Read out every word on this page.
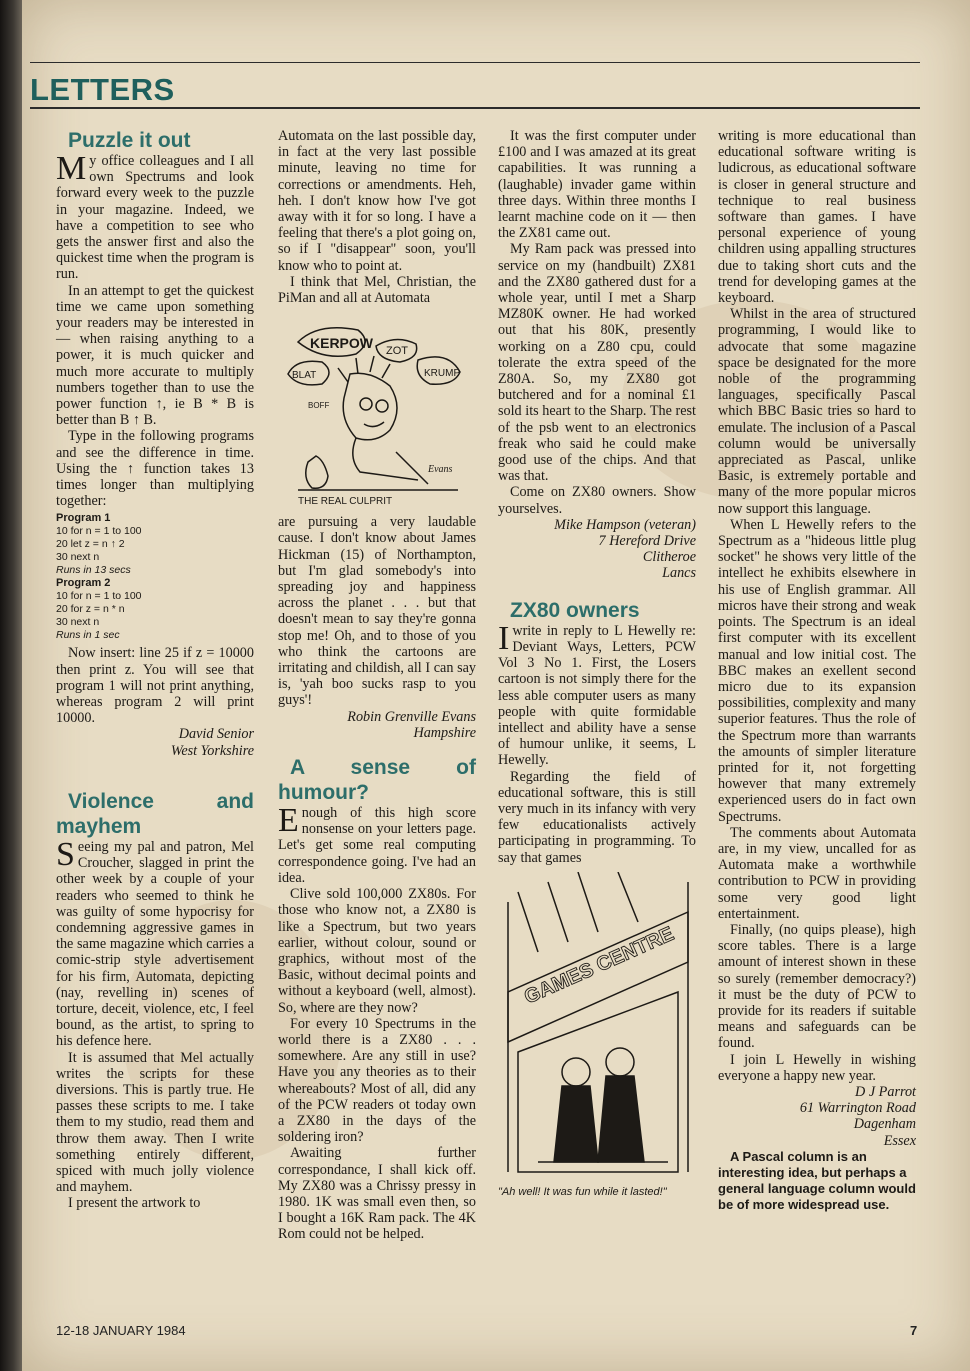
LETTERS

Puzzle it out

My office colleagues and I all own Spectrums and look forward every week to the puzzle in your magazine. Indeed, we have a competition to see who gets the answer first and also the quickest time when the program is run.

In an attempt to get the quickest time we came upon something your readers may be interested in — when raising anything to a power, it is much quicker and much more accurate to multiply numbers together than to use the power function ↑, ie B * B is better than B ↑ B.

Type in the following programs and see the difference in time. Using the ↑ function takes 13 times longer than multiplying together:

Program 1
10 for n = 1 to 100
20 let z = n ↑ 2
30 next n
Runs in 13 secs
Program 2
10 for n = 1 to 100
20 for z = n * n
30 next n
Runs in 1 sec

Now insert: line 25 if z = 10000 then print z. You will see that program 1 will not print anything, whereas program 2 will print 10000.

David Senior

West Yorkshire

Violence and mayhem

Seeing my pal and patron, Mel Croucher, slagged in print the other week by a couple of your readers who seemed to think he was guilty of some hypocrisy for condemning aggressive games in the same magazine which carries a comic-strip style advertisement for his firm, Automata, depicting (nay, revelling in) scenes of torture, deceit, violence, etc, I feel bound, as the artist, to spring to his defence here.

It is assumed that Mel actually writes the scripts for these diversions. This is partly true. He passes these scripts to me. I take them to my studio, read them and throw them away. Then I write something entirely different, spiced with much jolly violence and mayhem.

I present the artwork to

Automata on the last possible day, in fact at the very last possible minute, leaving no time for corrections or amendments. Heh, heh. I don't know how I've got away with it for so long. I have a feeling that there's a plot going on, so if I "disappear" soon, you'll know who to point at.

I think that Mel, Christian, the PiMan and all at Automata

KERPOW
BLAT
ZOT
KRUMP
BOFF
Evans
THE REAL CULPRIT

are pursuing a very laudable cause. I don't know about James Hickman (15) of Northampton, but I'm glad somebody's into spreading joy and happiness across the planet . . . but that doesn't mean to say they're gonna stop me! Oh, and to those of you who think the cartoons are irritating and childish, all I can say is, 'yah boo sucks rasp to you guys'!

Robin Grenville Evans

Hampshire

A sense of humour?

Enough of this high score nonsense on your letters page. Let's get some real computing correspondence going. I've had an idea.

Clive sold 100,000 ZX80s. For those who know not, a ZX80 is like a Spectrum, but two years earlier, without colour, sound or graphics, without most of the Basic, without decimal points and without a keyboard (well, almost). So, where are they now?

For every 10 Spectrums in the world there is a ZX80 . . . somewhere. Are any still in use? Have you any theories as to their whereabouts? Most of all, did any of the PCW readers ot today own a ZX80 in the days of the soldering iron?

Awaiting further correspondance, I shall kick off. My ZX80 was a Chrissy pressy in 1980. 1K was small even then, so I bought a 16K Ram pack. The 4K Rom could not be helped.

It was the first computer under £100 and I was amazed at its great capabilities. It was running a (laughable) invader game within three days. Within three months I learnt machine code on it — then the ZX81 came out.

My Ram pack was pressed into service on my (handbuilt) ZX81 and the ZX80 gathered dust for a whole year, until I met a Sharp MZ80K owner. He had worked out that his 80K, presently working on a Z80 cpu, could tolerate the extra speed of the Z80A. So, my ZX80 got butchered and for a nominal £1 sold its heart to the Sharp. The rest of the psb went to an electronics freak who said he could make good use of the chips. And that was that.

Come on ZX80 owners. Show yourselves.

Mike Hampson (veteran)

7 Hereford Drive

Clitheroe

Lancs

ZX80 owners

I write in reply to L Hewelly re: Deviant Ways, Letters, PCW Vol 3 No 1. First, the Losers cartoon is not simply there for the less able computer users as many people with quite formidable intellect and ability have a sense of humour unlike, it seems, L Hewelly.

Regarding the field of educational software, this is still very much in its infancy with very few educationalists actively participating in programming. To say that games

GAMES CENTRE
"Ah well! It was fun while it lasted!"

writing is more educational than educational software writing is ludicrous, as educational software is closer in general structure and technique to real business software than games. I have personal experience of young children using appalling structures due to taking short cuts and the trend for developing games at the keyboard.

Whilst in the area of structured programming, I would like to advocate that some magazine space be designated for the more noble of the programming languages, specifically Pascal which BBC Basic tries so hard to emulate. The inclusion of a Pascal column would be universally appreciated as Pascal, unlike Basic, is extremely portable and many of the more popular micros now support this language.

When L Hewelly refers to the Spectrum as a "hideous little plug socket" he shows very little of the intellect he exhibits elsewhere in his use of English grammar. All micros have their strong and weak points. The Spectrum is an ideal first computer with its excellent manual and low initial cost. The BBC makes an exellent second micro due to its expansion possibilities, complexity and many superior features. Thus the role of the Spectrum more than warrants the amounts of simpler literature printed for it, not forgetting however that many extremely experienced users do in fact own Spectrums.

The comments about Automata are, in my view, uncalled for as Automata make a worthwhile contribution to PCW in providing some very good light entertainment.

Finally, (no quips please), high score tables. There is a large amount of interest shown in these so surely (remember democracy?) it must be the duty of PCW to provide for its readers if suitable means and safeguards can be found.

I join L Hewelly in wishing everyone a happy new year.

D J Parrot

61 Warrington Road

Dagenham

Essex

A Pascal column is an interesting idea, but perhaps a general language column would be of more widespread use.

12-18 JANUARY 1984	7
